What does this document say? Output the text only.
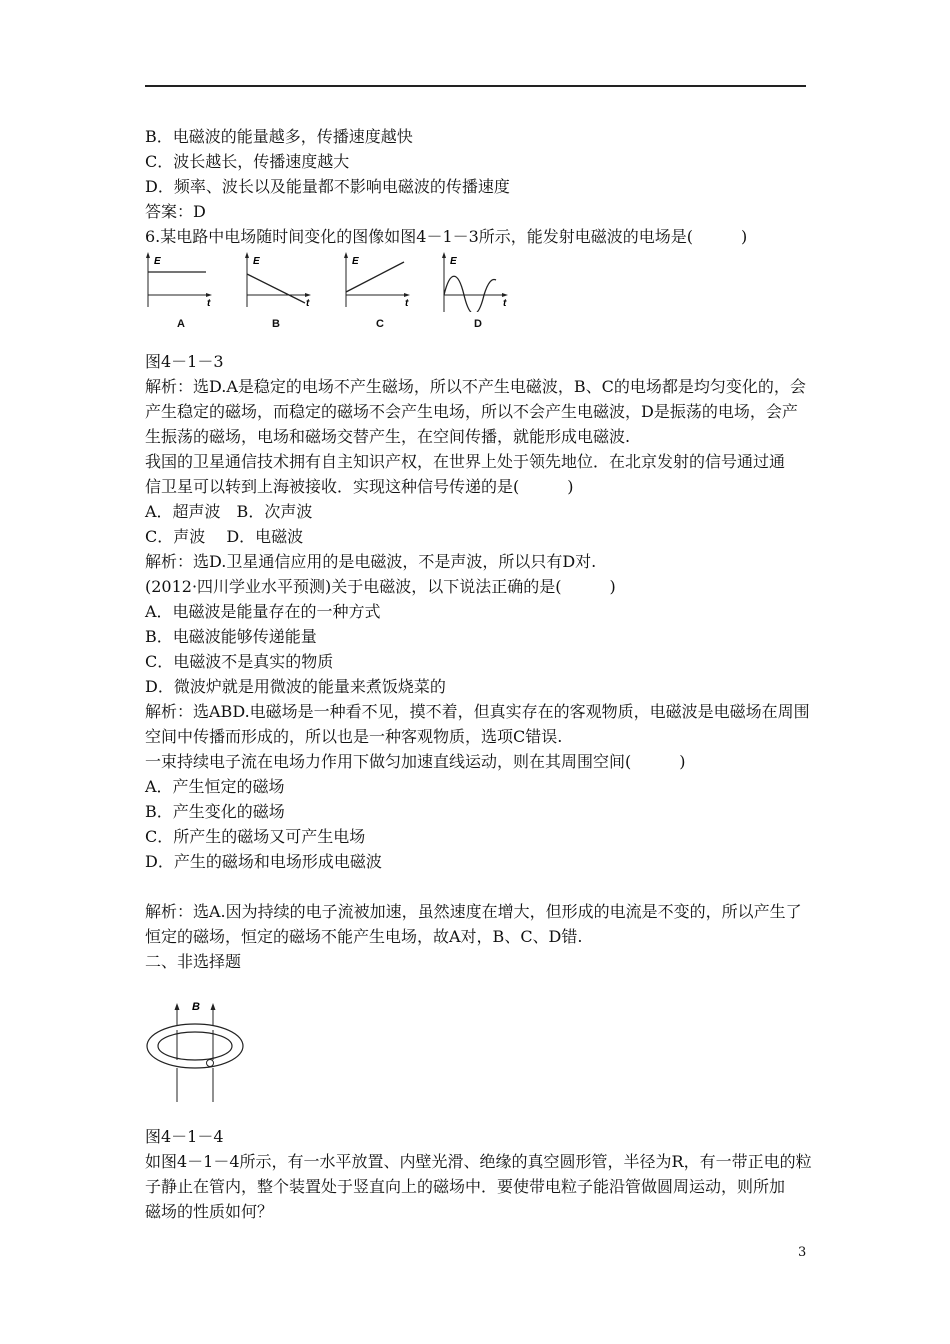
B．电磁波的能量越多，传播速度越快
C．波长越长，传播速度越大
D．频率、波长以及能量都不影响电磁波的传播速度
答案：D
6.某电路中电场随时间变化的图像如图4－1－3所示，能发射电磁波的电场是(　　　)
E
t
E
t
E
t
E
t
A	B	C	D
图4－1－3
解析：选D.A是稳定的电场不产生磁场，所以不产生电磁波，B、C的电场都是均匀变化的，会
产生稳定的磁场，而稳定的磁场不会产生电场，所以不会产生电磁波，D是振荡的电场，会产
生振荡的磁场，电场和磁场交替产生，在空间传播，就能形成电磁波.
我国的卫星通信技术拥有自主知识产权，在世界上处于领先地位．在北京发射的信号通过通
信卫星可以转到上海被接收．实现这种信号传递的是(　　　)
A．超声波　B．次声波
C．声波　 D．电磁波
解析：选D.卫星通信应用的是电磁波，不是声波，所以只有D对.
(2012·四川学业水平预测)关于电磁波，以下说法正确的是(　　　)
A．电磁波是能量存在的一种方式
B．电磁波能够传递能量
C．电磁波不是真实的物质
D．微波炉就是用微波的能量来煮饭烧菜的
解析：选ABD.电磁场是一种看不见，摸不着，但真实存在的客观物质，电磁波是电磁场在周围
空间中传播而形成的，所以也是一种客观物质，选项C错误.
一束持续电子流在电场力作用下做匀加速直线运动，则在其周围空间(　　　)
A．产生恒定的磁场
B．产生变化的磁场
C．所产生的磁场又可产生电场
D．产生的磁场和电场形成电磁波
解析：选A.因为持续的电子流被加速，虽然速度在增大，但形成的电流是不变的，所以产生了
恒定的磁场，恒定的磁场不能产生电场，故A对，B、C、D错.
二、非选择题
B
图4－1－4
如图4－1－4所示，有一水平放置、内壁光滑、绝缘的真空圆形管，半径为R，有一带正电的粒
子静止在管内，整个装置处于竖直向上的磁场中．要使带电粒子能沿管做圆周运动，则所加
磁场的性质如何？
3
